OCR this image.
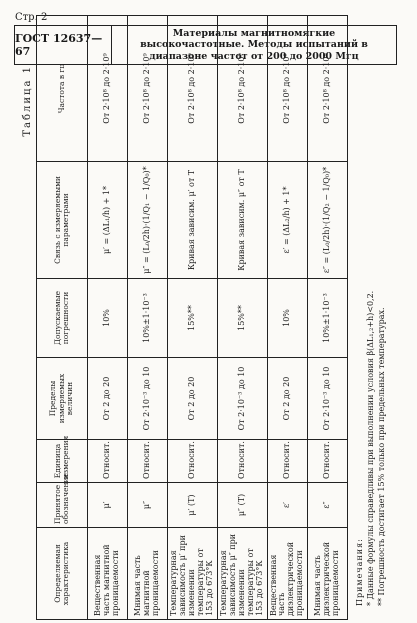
Стр. 2
ГОСТ 12637—67
Материалы магнитномягкие высокочастотные. Методы испытаний в диапазоне частот от 200 до 2000 Мгц
Таблица 1
Определяемая характеристика	Принятое обозначение	Единица измерения	Пределы измеряемых величин	Допускаемые погрешности	Связь с измеряемыми параметрами	Частота в гц
Вещественная часть магнитной проницаемости	μ′	Относит.	От 2 до 20	10%	μ′ = (ΔL₁/h) + 1*	От 2·10⁸ до 2·10⁹
Мнимая часть магнитной проницаемости	μ″	Относит.	От 2·10⁻³ до 10	10%±1·10⁻³	μ″ = (L₀/2h)·(1/Q₁ − 1/Q₀)*	От 2·10⁸ до 2·10⁹
Температурная зависимость μ′ при изменении температуры от 153 до 673°К	μ′ (T)	Относит.	От 2 до 20	15%**	Кривая зависим. μ′ от T	От 2·10⁸ до 2·10⁹
Температурная зависимость μ″ при изменении температуры от 153 до 673°К	μ″ (T)	Относит.	От 2·10⁻³ до 10	15%**	Кривая зависим. μ″ от T	От 2·10⁸ до 2·10⁹
Вещественная часть диэлектрической проницаемости	ε′	Относит.	От 2 до 20	10%	ε′ = (ΔL₂/h) + 1*	От 2·10⁸ до 2·10⁹
Мнимая часть диэлектрической проницаемости	ε″	Относит.	От 2·10⁻³ до 10	10%±1·10⁻³	ε″ = (L₀/2h)·(1/Q₂ − 1/Q₀)*	От 2·10⁸ до 2·10⁹
Примечания: * Данные формулы справедливы при выполнении условия β(ΔL₁,₂+h)<0,2. ** Погрешность достигает 15% только при предельных температурах.
